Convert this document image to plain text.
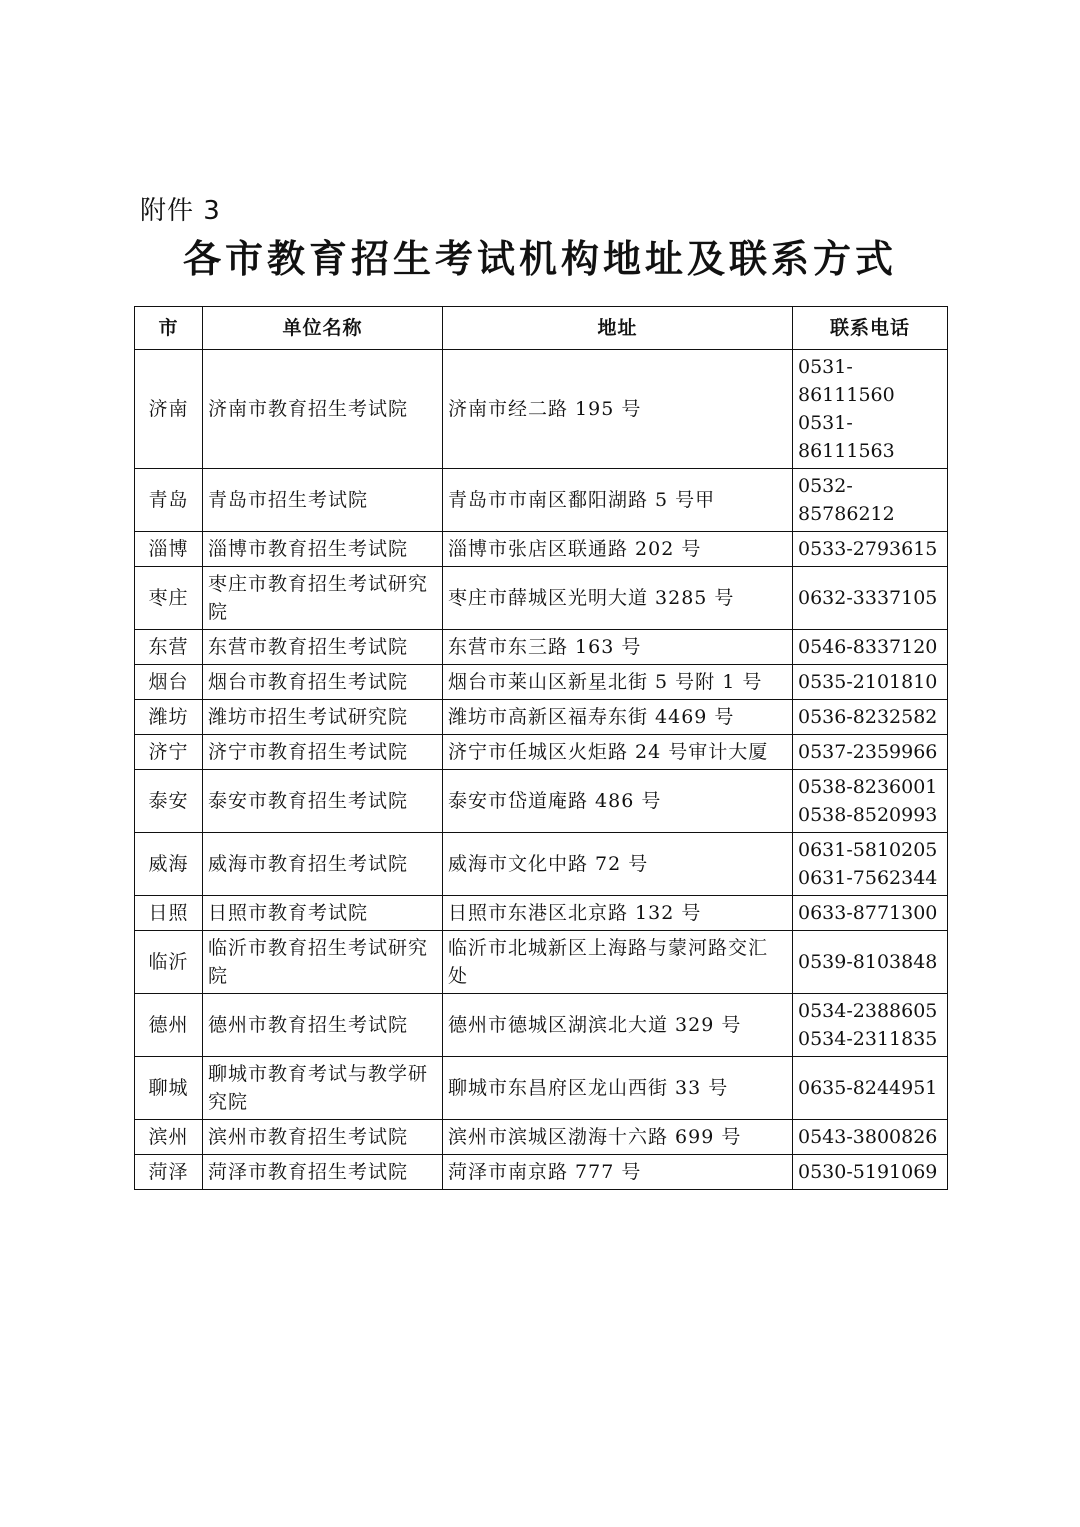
附件 3
各市教育招生考试机构地址及联系方式
市	单位名称	地址	联系电话
济南	济南市教育招生考试院	济南市经二路 195 号	0531-86111560
0531-86111563

青岛	青岛市招生考试院	青岛市市南区鄱阳湖路 5 号甲	0532-85786212

淄博	淄博市教育招生考试院	淄博市张店区联通路 202 号	0533-2793615

枣庄	枣庄市教育招生考试研究院	枣庄市薛城区光明大道 3285 号	0632-3337105

东营	东营市教育招生考试院	东营市东三路 163 号	0546-8337120

烟台	烟台市教育招生考试院	烟台市莱山区新星北街 5 号附 1 号	0535-2101810

潍坊	潍坊市招生考试研究院	潍坊市高新区福寿东街 4469 号	0536-8232582

济宁	济宁市教育招生考试院	济宁市任城区火炬路 24 号审计大厦	0537-2359966

泰安	泰安市教育招生考试院	泰安市岱道庵路 486 号	0538-8236001
0538-8520993

威海	威海市教育招生考试院	威海市文化中路 72 号	0631-5810205
0631-7562344

日照	日照市教育考试院	日照市东港区北京路 132 号	0633-8771300

临沂	临沂市教育招生考试研究院	临沂市北城新区上海路与蒙河路交汇处	0539-8103848

德州	德州市教育招生考试院	德州市德城区湖滨北大道 329 号	0534-2388605
0534-2311835

聊城	聊城市教育考试与教学研究院	聊城市东昌府区龙山西街 33 号	0635-8244951

滨州	滨州市教育招生考试院	滨州市滨城区渤海十六路 699 号	0543-3800826

菏泽	菏泽市教育招生考试院	菏泽市南京路 777 号	0530-5191069
